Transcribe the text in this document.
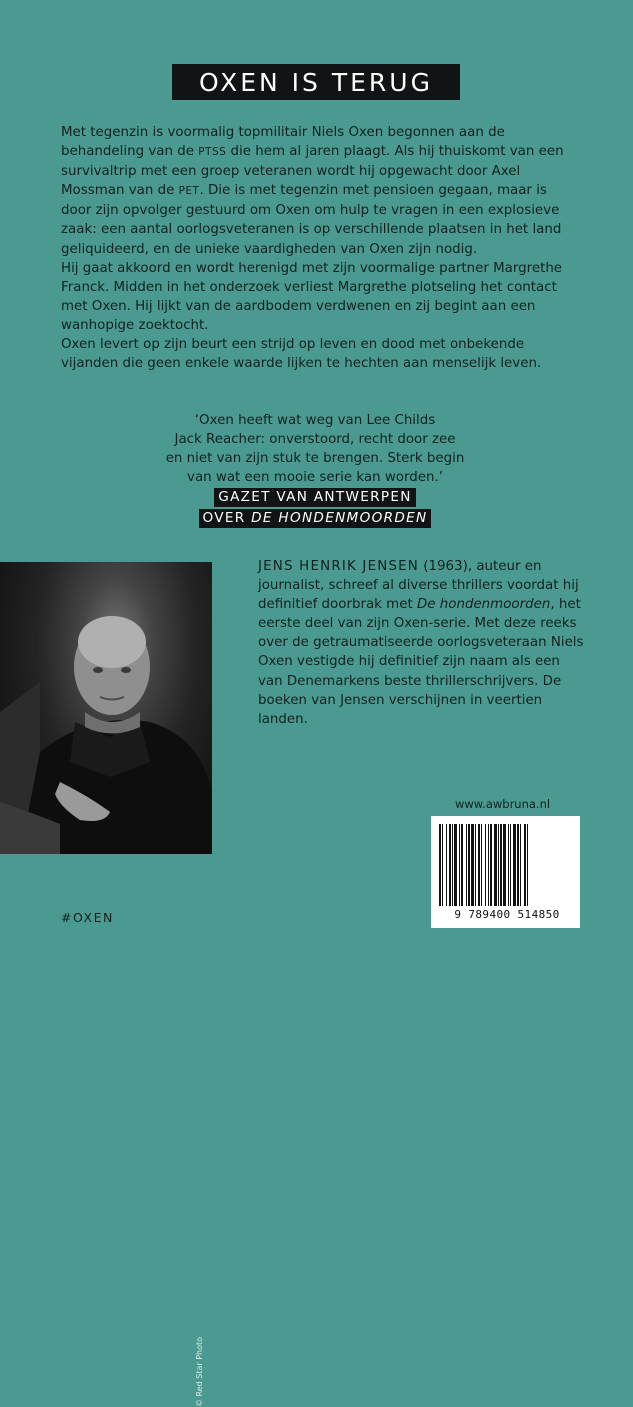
OXEN IS TERUG

Met tegenzin is voormalig topmilitair Niels Oxen begonnen aan de behandeling van de PTSS die hem al jaren plaagt. Als hij thuiskomt van een survivaltrip met een groep veteranen wordt hij opgewacht door Axel Mossman van de PET. Die is met tegenzin met pensioen gegaan, maar is door zijn opvolger gestuurd om Oxen om hulp te vragen in een explosieve zaak: een aantal oorlogsveteranen is op verschillende plaatsen in het land geliquideerd, en de unieke vaardigheden van Oxen zijn nodig.

Hij gaat akkoord en wordt herenigd met zijn voormalige partner Margrethe Franck. Midden in het onderzoek verliest Margrethe plotseling het contact met Oxen. Hij lijkt van de aardbodem verdwenen en zij begint aan een wanhopige zoektocht.

Oxen levert op zijn beurt een strijd op leven en dood met onbekende vijanden die geen enkele waarde lijken te hechten aan menselijk leven.

‘Oxen heeft wat weg van Lee Childs

Jack Reacher: onverstoord, recht door zee

en niet van zijn stuk te brengen. Sterk begin

van wat een mooie serie kan worden.’

GAZET VAN ANTWERPEN
OVER DE HONDENMOORDEN
© Red Star Photo

JENS HENRIK JENSEN (1963), auteur en journalist, schreef al diverse thrillers voordat hij definitief doorbrak met De hondenmoorden, het eerste deel van zijn Oxen-serie. Met deze reeks over de getraumatiseerde oorlogsveteraan Niels Oxen vestigde hij definitief zijn naam als een van Denemarkens beste thrillerschrijvers. De boeken van Jensen verschijnen in veertien landen.

www.awbruna.nl
9 789400 514850
#OXEN
